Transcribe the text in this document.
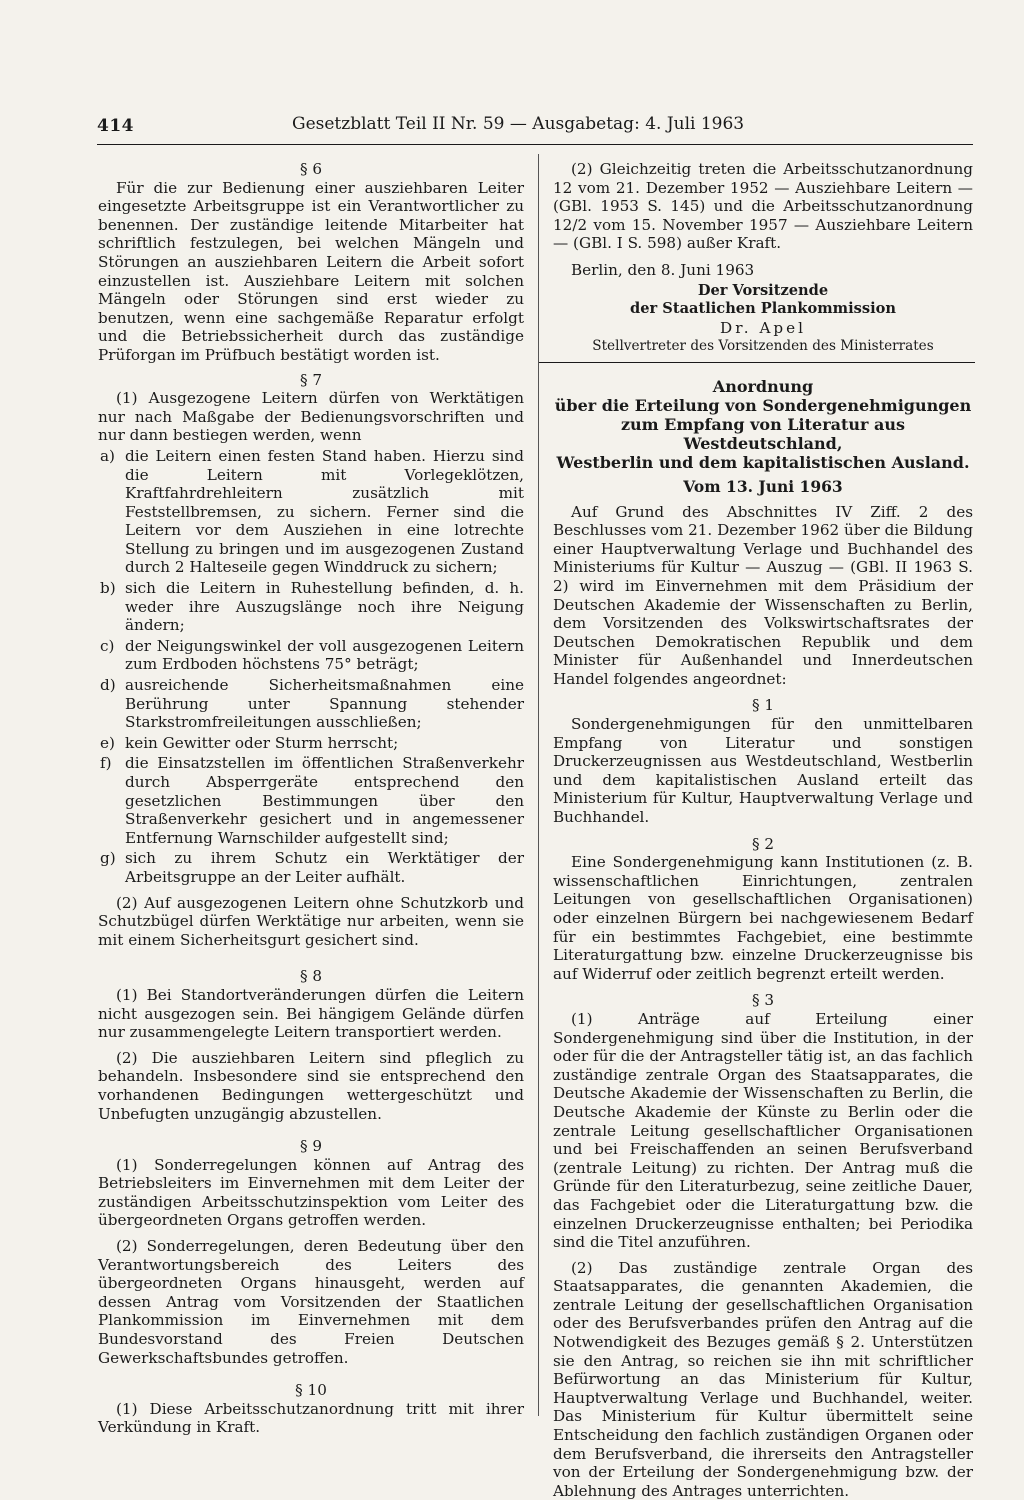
414	Gesetzblatt Teil II Nr. 59 — Ausgabetag: 4. Juli 1963

§ 6

Für die zur Bedienung einer ausziehbaren Leiter eingesetzte Arbeitsgruppe ist ein Verantwortlicher zu benennen. Der zuständige leitende Mitarbeiter hat schriftlich festzulegen, bei welchen Mängeln und Störungen an ausziehbaren Leitern die Arbeit sofort einzustellen ist. Ausziehbare Leitern mit solchen Mängeln oder Störungen sind erst wieder zu benutzen, wenn eine sachgemäße Reparatur erfolgt und die Betriebssicherheit durch das zuständige Prüforgan im Prüfbuch bestätigt worden ist.

§ 7

(1) Ausgezogene Leitern dürfen von Werktätigen nur nach Maßgabe der Bedienungsvorschriften und nur dann bestiegen werden, wenn

a) die Leitern einen festen Stand haben. Hierzu sind die Leitern mit Vorlegeklötzen, Kraftfahrdrehleitern zusätzlich mit Feststellbremsen, zu sichern. Ferner sind die Leitern vor dem Ausziehen in eine lotrechte Stellung zu bringen und im ausgezogenen Zustand durch 2 Halteseile gegen Winddruck zu sichern;
b) sich die Leitern in Ruhestellung befinden, d. h. weder ihre Auszugslänge noch ihre Neigung ändern;
c) der Neigungswinkel der voll ausgezogenen Leitern zum Erdboden höchstens 75° beträgt;
d) ausreichende Sicherheitsmaßnahmen eine Berührung unter Spannung stehender Starkstromfreileitungen ausschließen;
e) kein Gewitter oder Sturm herrscht;
f) die Einsatzstellen im öffentlichen Straßenverkehr durch Absperrgeräte entsprechend den gesetzlichen Bestimmungen über den Straßenverkehr gesichert und in angemessener Entfernung Warnschilder aufgestellt sind;
g) sich zu ihrem Schutz ein Werktätiger der Arbeitsgruppe an der Leiter aufhält.

(2) Auf ausgezogenen Leitern ohne Schutzkorb und Schutzbügel dürfen Werktätige nur arbeiten, wenn sie mit einem Sicherheitsgurt gesichert sind.

§ 8

(1) Bei Standortveränderungen dürfen die Leitern nicht ausgezogen sein. Bei hängigem Gelände dürfen nur zusammengelegte Leitern transportiert werden.

(2) Die ausziehbaren Leitern sind pfleglich zu behandeln. Insbesondere sind sie entsprechend den vorhandenen Bedingungen wettergeschützt und Unbefugten unzugängig abzustellen.

§ 9

(1) Sonderregelungen können auf Antrag des Betriebsleiters im Einvernehmen mit dem Leiter der zuständigen Arbeitsschutzinspektion vom Leiter des übergeordneten Organs getroffen werden.

(2) Sonderregelungen, deren Bedeutung über den Verantwortungsbereich des Leiters des übergeordneten Organs hinausgeht, werden auf dessen Antrag vom Vorsitzenden der Staatlichen Plankommission im Einvernehmen mit dem Bundesvorstand des Freien Deutschen Gewerkschaftsbundes getroffen.

§ 10

(1) Diese Arbeitsschutzanordnung tritt mit ihrer Verkündung in Kraft.

(2) Gleichzeitig treten die Arbeitsschutzanordnung 12 vom 21. Dezember 1952 — Ausziehbare Leitern — (GBl. 1953 S. 145) und die Arbeitsschutzanordnung 12/2 vom 15. November 1957 — Ausziehbare Leitern — (GBl. I S. 598) außer Kraft.

Berlin, den 8. Juni 1963

Der Vorsitzende

der Staatlichen Plankommission

Dr. Apel

Stellvertreter des Vorsitzenden des Ministerrates

Anordnung

über die Erteilung von Sondergenehmigungen

zum Empfang von Literatur aus Westdeutschland,

Westberlin und dem kapitalistischen Ausland.

Vom 13. Juni 1963

Auf Grund des Abschnittes IV Ziff. 2 des Beschlusses vom 21. Dezember 1962 über die Bildung einer Hauptverwaltung Verlage und Buchhandel des Ministeriums für Kultur — Auszug — (GBl. II 1963 S. 2) wird im Einvernehmen mit dem Präsidium der Deutschen Akademie der Wissenschaften zu Berlin, dem Vorsitzenden des Volkswirtschaftsrates der Deutschen Demokratischen Republik und dem Minister für Außenhandel und Innerdeutschen Handel folgendes angeordnet:

§ 1

Sondergenehmigungen für den unmittelbaren Empfang von Literatur und sonstigen Druckerzeugnissen aus Westdeutschland, Westberlin und dem kapitalistischen Ausland erteilt das Ministerium für Kultur, Hauptverwaltung Verlage und Buchhandel.

§ 2

Eine Sondergenehmigung kann Institutionen (z. B. wissenschaftlichen Einrichtungen, zentralen Leitungen von gesellschaftlichen Organisationen) oder einzelnen Bürgern bei nachgewiesenem Bedarf für ein bestimmtes Fachgebiet, eine bestimmte Literaturgattung bzw. einzelne Druckerzeugnisse bis auf Widerruf oder zeitlich begrenzt erteilt werden.

§ 3

(1) Anträge auf Erteilung einer Sondergenehmigung sind über die Institution, in der oder für die der Antragsteller tätig ist, an das fachlich zuständige zentrale Organ des Staatsapparates, die Deutsche Akademie der Wissenschaften zu Berlin, die Deutsche Akademie der Künste zu Berlin oder die zentrale Leitung gesellschaftlicher Organisationen und bei Freischaffenden an seinen Berufsverband (zentrale Leitung) zu richten. Der Antrag muß die Gründe für den Literaturbezug, seine zeitliche Dauer, das Fachgebiet oder die Literaturgattung bzw. die einzelnen Druckerzeugnisse enthalten; bei Periodika sind die Titel anzuführen.

(2) Das zuständige zentrale Organ des Staatsapparates, die genannten Akademien, die zentrale Leitung der gesellschaftlichen Organisation oder des Berufsverbandes prüfen den Antrag auf die Notwendigkeit des Bezuges gemäß § 2. Unterstützen sie den Antrag, so reichen sie ihn mit schriftlicher Befürwortung an das Ministerium für Kultur, Hauptverwaltung Verlage und Buchhandel, weiter. Das Ministerium für Kultur übermittelt seine Entscheidung den fachlich zuständigen Organen oder dem Berufsverband, die ihrerseits den Antragsteller von der Erteilung der Sondergenehmigung bzw. der Ablehnung des Antrages unterrichten.
